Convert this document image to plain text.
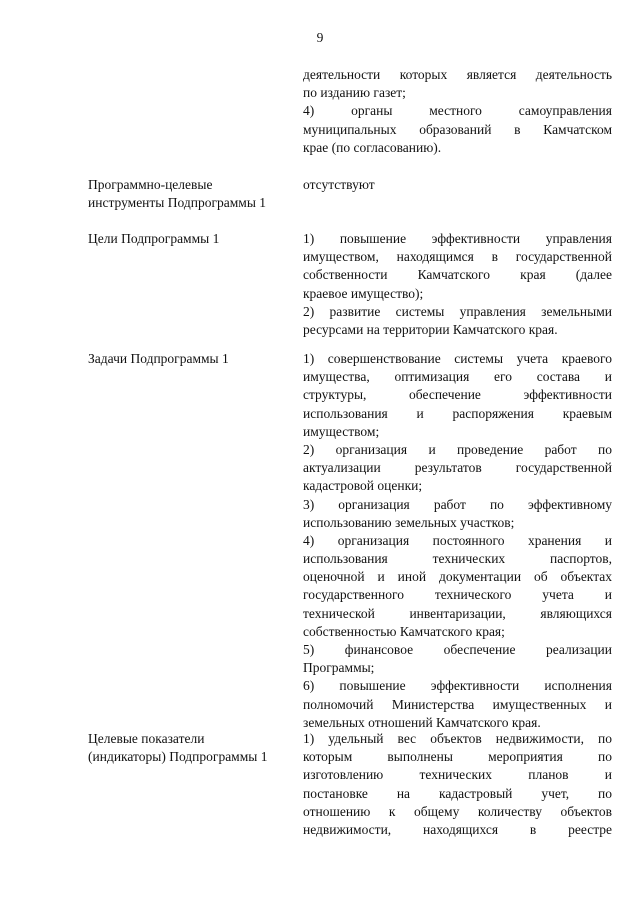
9
деятельности которых является деятельность
по изданию газет;
4) органы местного самоуправления
муниципальных образований в Камчатском
крае (по согласованию).
Программно-целевые
инструменты Подпрограммы 1
отсутствуют
Цели Подпрограммы 1	1) повышение эффективности управления
имуществом, находящимся в государственной
собственности Камчатского края (далее
краевое имущество);
2) развитие системы управления земельными
ресурсами на территории Камчатского края.
Задачи Подпрограммы 1	1) совершенствование системы учета краевого
имущества, оптимизация его состава и
структуры, обеспечение эффективности
использования и распоряжения краевым
имуществом;
2) организация и проведение работ по
актуализации результатов государственной
кадастровой оценки;
3) организация работ по эффективному
использованию земельных участков;
4) организация постоянного хранения и
использования технических паспортов,
оценочной и иной документации об объектах
государственного технического учета и
технической инвентаризации, являющихся
собственностью Камчатского края;
5) финансовое обеспечение реализации
Программы;
6) повышение эффективности исполнения
полномочий Министерства имущественных и
земельных отношений Камчатского края.
Целевые показатели
(индикаторы) Подпрограммы 1
1) удельный вес объектов недвижимости, по
которым выполнены мероприятия по
изготовлению технических планов и
постановке на кадастровый учет, по
отношению к общему количеству объектов
недвижимости, находящихся в реестре
